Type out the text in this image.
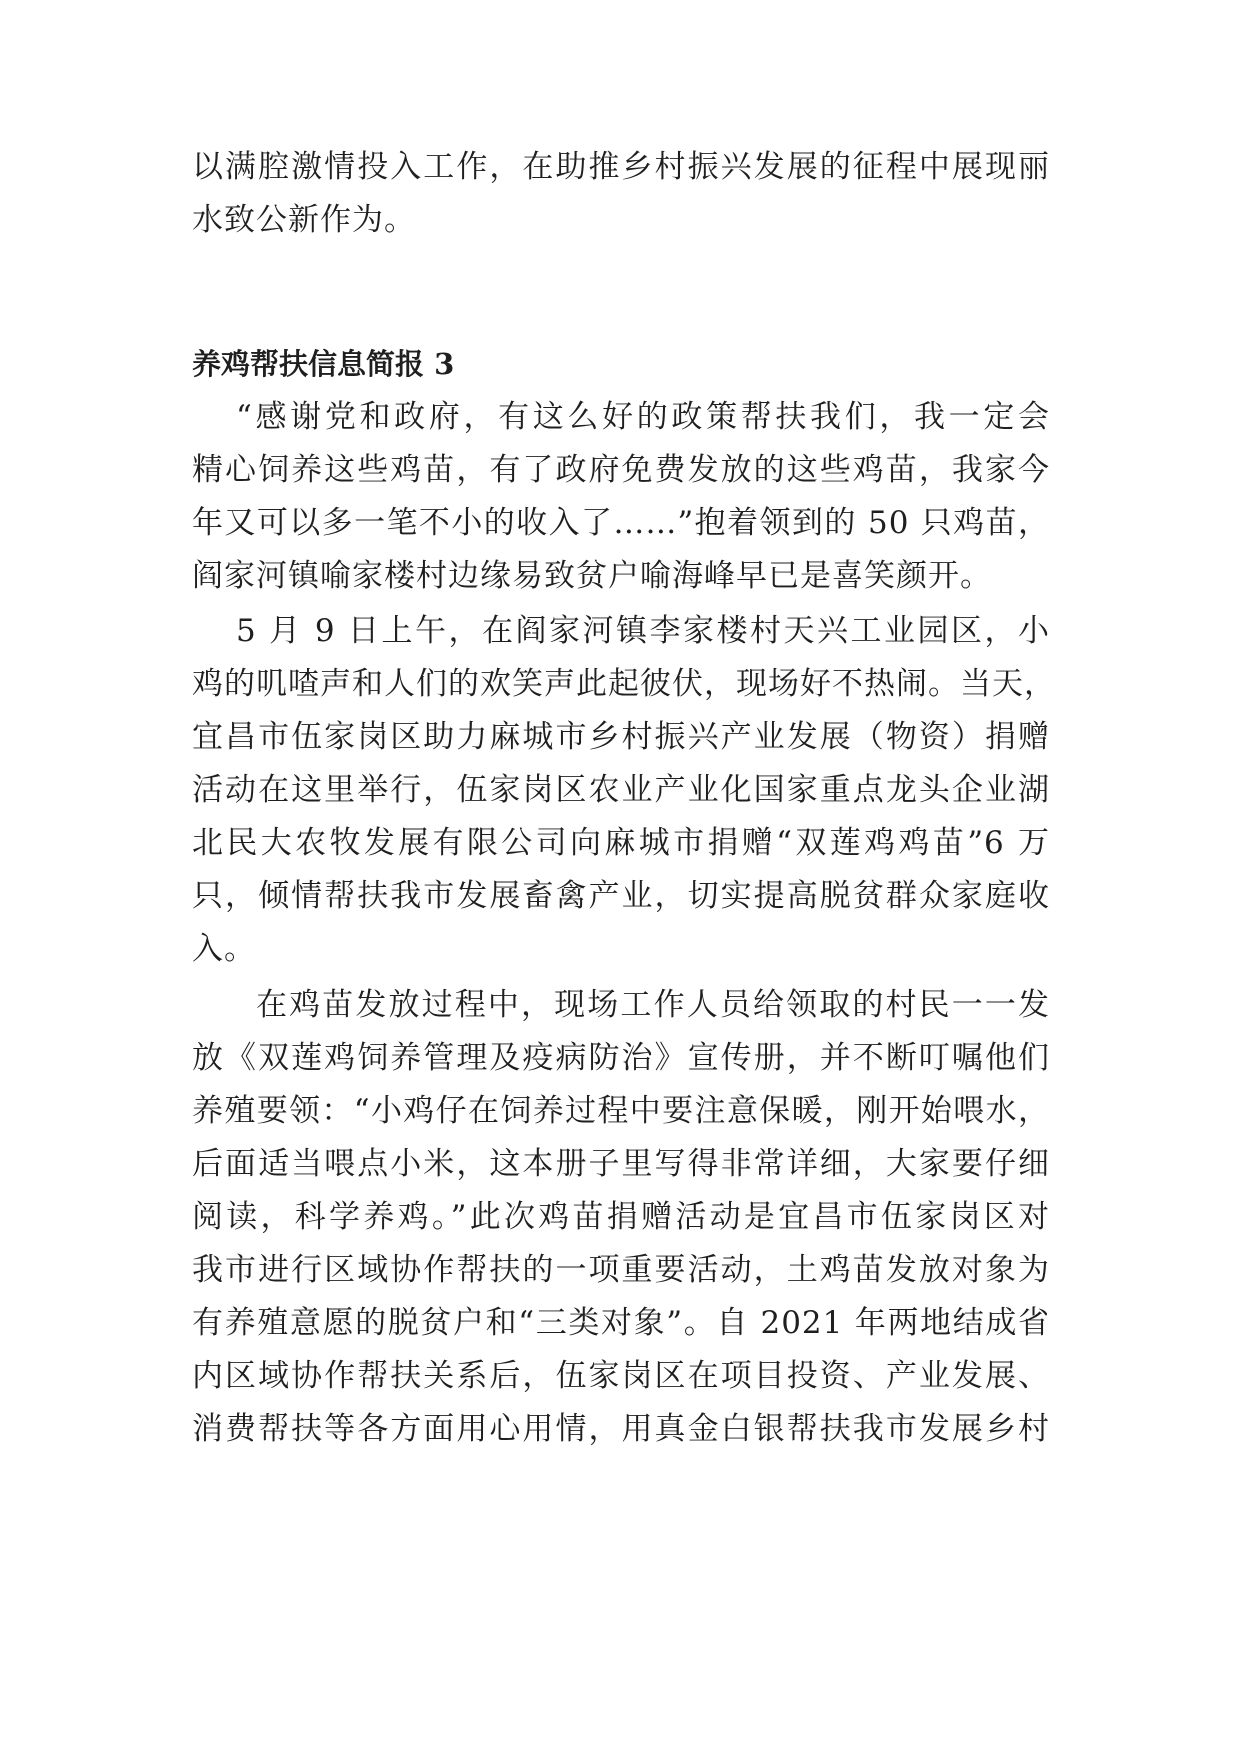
以满腔激情投入工作，在助推乡村振兴发展的征程中展现丽

水致公新作为。

养鸡帮扶信息简报 3

“感谢党和政府，有这么好的政策帮扶我们，我一定会

精心饲养这些鸡苗，有了政府免费发放的这些鸡苗，我家今

年又可以多一笔不小的收入了……”抱着领到的 50 只鸡苗，

阎家河镇喻家楼村边缘易致贫户喻海峰早已是喜笑颜开。

5 月 9 日上午，在阎家河镇李家楼村天兴工业园区，小

鸡的叽喳声和人们的欢笑声此起彼伏，现场好不热闹。当天，

宜昌市伍家岗区助力麻城市乡村振兴产业发展（物资）捐赠

活动在这里举行，伍家岗区农业产业化国家重点龙头企业湖

北民大农牧发展有限公司向麻城市捐赠“双莲鸡鸡苗”6 万

只，倾情帮扶我市发展畜禽产业，切实提高脱贫群众家庭收

入。

在鸡苗发放过程中，现场工作人员给领取的村民一一发

放《双莲鸡饲养管理及疫病防治》宣传册，并不断叮嘱他们

养殖要领：“小鸡仔在饲养过程中要注意保暖，刚开始喂水，

后面适当喂点小米，这本册子里写得非常详细，大家要仔细

阅读，科学养鸡。”此次鸡苗捐赠活动是宜昌市伍家岗区对

我市进行区域协作帮扶的一项重要活动，土鸡苗发放对象为

有养殖意愿的脱贫户和“三类对象”。自 2021 年两地结成省

内区域协作帮扶关系后，伍家岗区在项目投资、产业发展、

消费帮扶等各方面用心用情，用真金白银帮扶我市发展乡村
